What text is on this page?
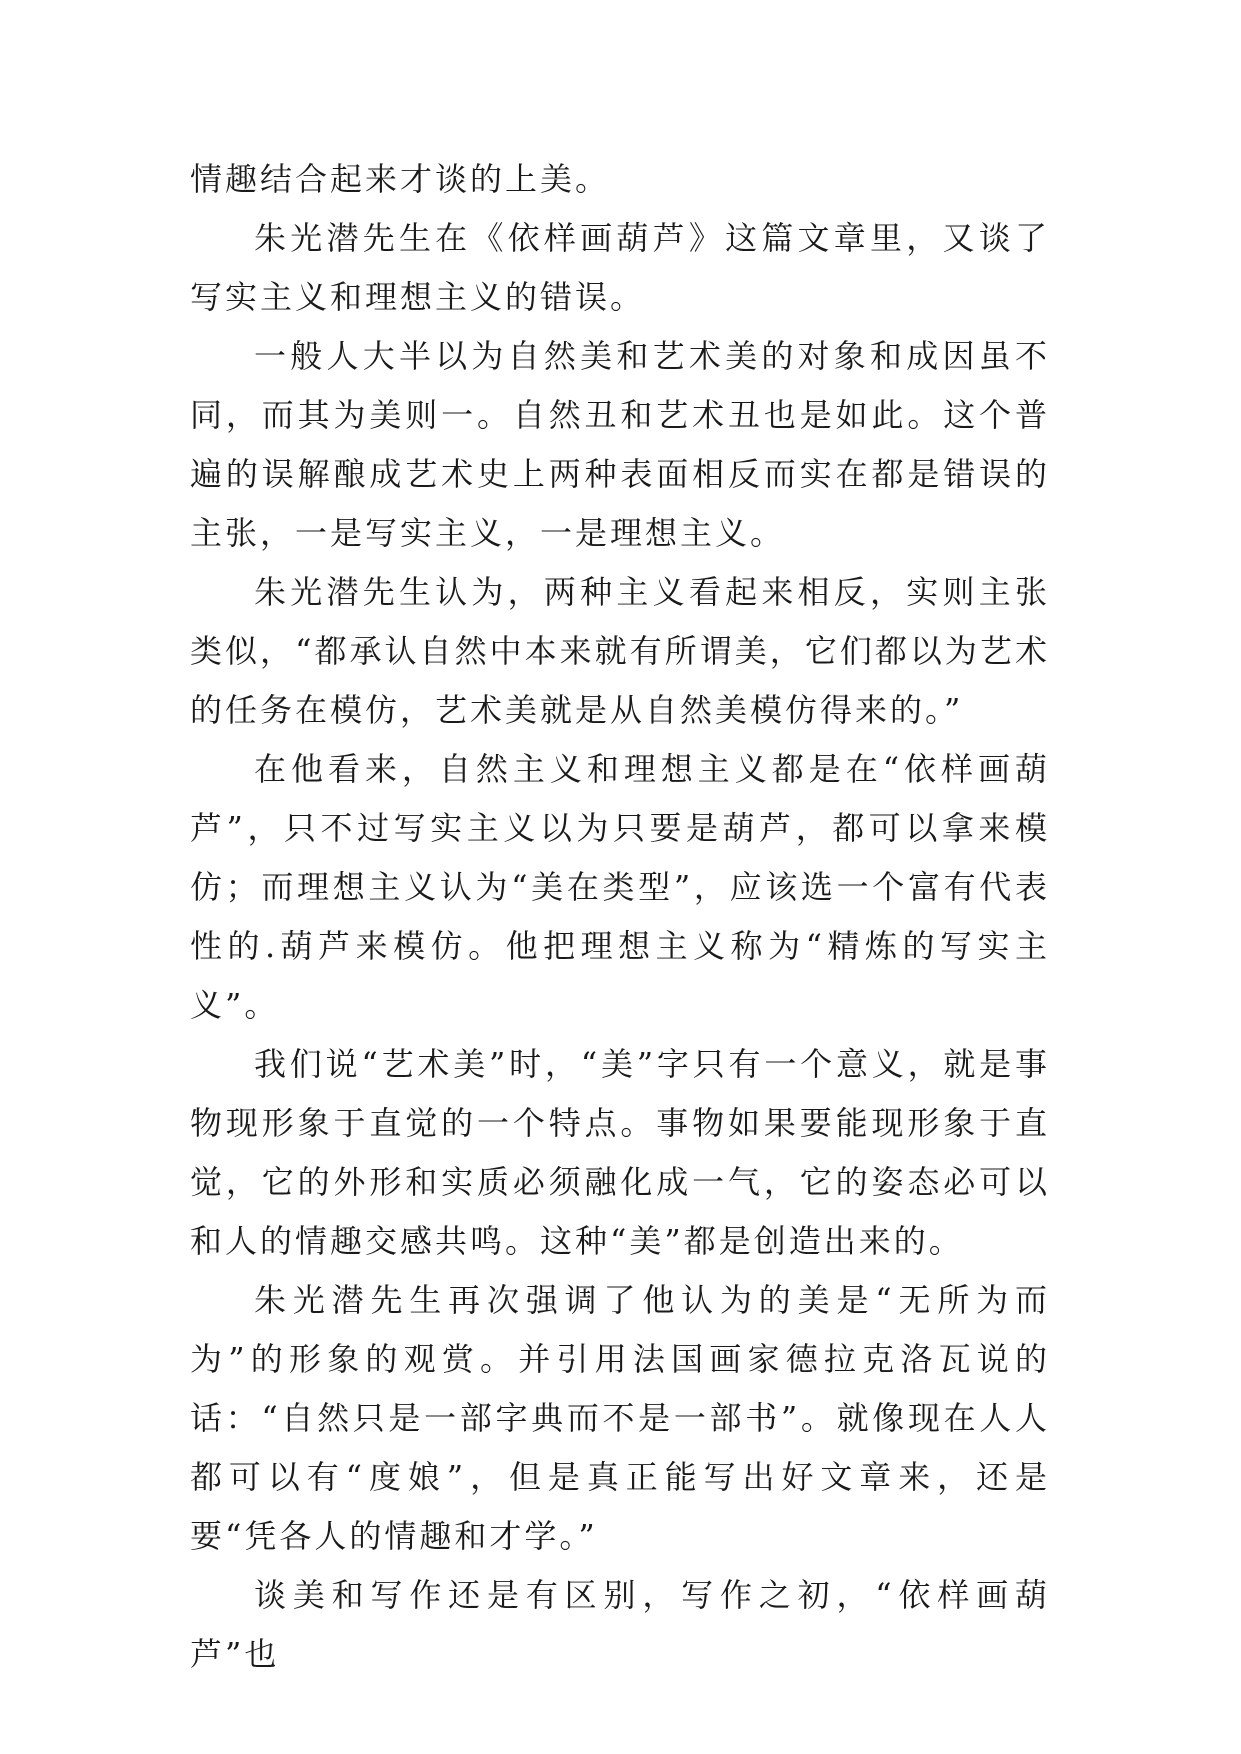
情趣结合起来才谈的上美。

朱光潜先生在《依样画葫芦》这篇文章里，又谈了写实主义和理想主义的错误。

一般人大半以为自然美和艺术美的对象和成因虽不同，而其为美则一。自然丑和艺术丑也是如此。这个普遍的误解酿成艺术史上两种表面相反而实在都是错误的主张，一是写实主义，一是理想主义。

朱光潜先生认为，两种主义看起来相反，实则主张类似，“都承认自然中本来就有所谓美，它们都以为艺术的任务在模仿，艺术美就是从自然美模仿得来的。”

在他看来，自然主义和理想主义都是在“依样画葫芦”，只不过写实主义以为只要是葫芦，都可以拿来模仿；而理想主义认为“美在类型”，应该选一个富有代表性的.葫芦来模仿。他把理想主义称为“精炼的写实主义”。

我们说“艺术美”时，“美”字只有一个意义，就是事物现形象于直觉的一个特点。事物如果要能现形象于直觉，它的外形和实质必须融化成一气，它的姿态必可以和人的情趣交感共鸣。这种“美”都是创造出来的。

朱光潜先生再次强调了他认为的美是“无所为而为”的形象的观赏。并引用法国画家德拉克洛瓦说的话：“自然只是一部字典而不是一部书”。就像现在人人都可以有“度娘”，但是真正能写出好文章来，还是要“凭各人的情趣和才学。”

谈美和写作还是有区别，写作之初，“依样画葫芦”也
